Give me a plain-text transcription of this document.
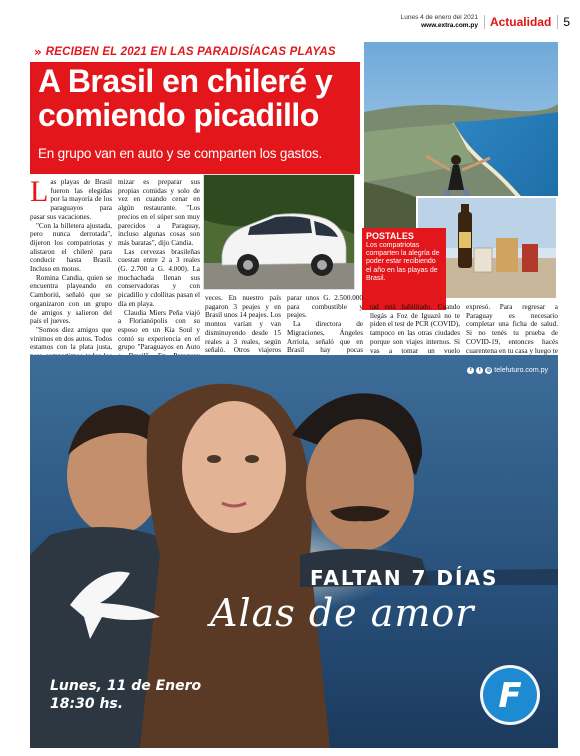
Lunes 4 de enero del 2021
www.extra.com.py	Actualidad	5
» RECIBEN EL 2021 EN LAS PARADISÍACAS PLAYAS
A Brasil en chileré y comiendo picadillo
En grupo van en auto y se comparten los gastos.
POSTALES
Los compatriotas comparten la alegría de poder estar recibiendo el año en las playas de Brasil.
L as playas de Brasil fueron las elegidas por la mayoría de los paraguayos para pasar sus vacaciones.

"Con la billetera ajustada, pero nunca derrotada", dijeron los compatriotas y alistaron el chileré para conducir hasta Brasil. Incluso en motos.

Romina Candia, quien se encuentra playeando en Camboriú, señaló que se organizaron con un grupo de amigos y salieron del país el jueves.

"Somos diez amigos que vinimos en dos autos. Todos estamos con la plata justa,

mizar es preparar sus propias comidas y solo de vez en cuando cenar en algún restaurante. "Los precios en el súper son muy parecidos a Paraguay, incluso algunas cosas son más baratas", dijo Candia.

Las cervezas brasileñas cuestan entre 2 a 3 reales (G. 2.700 a G. 4.000). La muchachada llenan sus conservadoras y con picadillo y cdollitas pasan el día en playa.

Claudia Miers Peña viajó a Florianópolis con su esposo en un Kia Soul y contó su experiencia en el grupo "Paraguayos en Auto

veces. En nuestro país pagaron 3 peajes y en Brasil unos 14 peajes. Los montos varían y van disminuyendo desde 15 reales a 3 reales, según señaló. Otros viajeros

parar unos G. 2.500.000 para combustible y peajes.

La directora de Migraciones, Ángeles Arriola, señaló que en Brasil hay pocas

tad está habilitado. Cuando llegás a Foz de Iguazú no te piden el test de PCR (COVID), tampoco en las otras ciudades porque son viajes internos. Si vas a tomar un vuelo

expresó. Para regresar a Paraguay es necesario completar una ficha de salud. Si no tenés tu prueba de COVID-19, entonces hacés cuarentena en tu casa y luego te

F
f	t	◎ telefuturo.com.py
FALTAN 7 DÍAS
Alas de amor
Lunes, 11 de Enero
18:30 hs.
